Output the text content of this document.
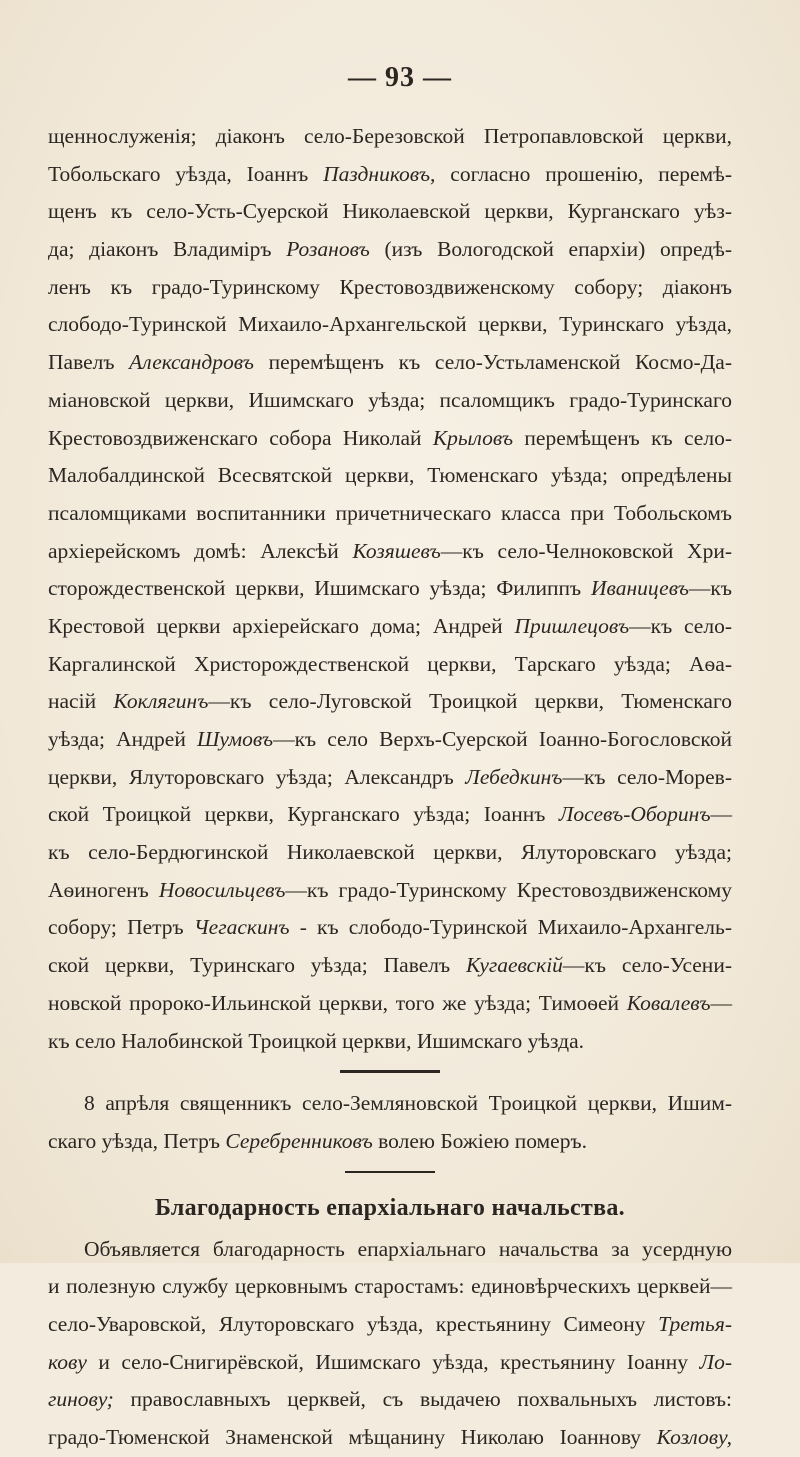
— 93 —
щеннослуженія; діаконъ село-Березовской Петропавловской церкви,
Тобольскаго уѣзда, Іоаннъ Паздниковъ, согласно прошенію, перемѣ-
щенъ къ село-Усть-Суерской Николаевской церкви, Курганскаго уѣз-
да; діаконъ Владиміръ Розановъ (изъ Вологодской епархіи) опредѣ-
ленъ къ градо-Туринскому Крестовоздвиженскому собору; діаконъ
слободо-Туринской Михаило-Архангельской церкви, Туринскаго уѣзда,
Павелъ Александровъ перемѣщенъ къ село-Устьламенской Космо-Да-
міановской церкви, Ишимскаго уѣзда; псаломщикъ градо-Туринскаго
Крестовоздвиженскаго собора Николай Крыловъ перемѣщенъ къ село-
Малобалдинской Всесвятской церкви, Тюменскаго уѣзда; опредѣлены
псаломщиками воспитанники причетническаго класса при Тобольскомъ
архіерейскомъ домѣ: Алексѣй Козяшевъ—къ село-Челноковской Хри-
сторождественской церкви, Ишимскаго уѣзда; Филиппъ Иваницевъ—къ
Крестовой церкви архіерейскаго дома; Андрей Пришлецовъ—къ село-
Каргалинской Христорождественской церкви, Тарскаго уѣзда; Аѳа-
насій Коклягинъ—къ село-Луговской Троицкой церкви, Тюменскаго
уѣзда; Андрей Шумовъ—къ село Верхъ-Суерской Іоанно-Богословской
церкви, Ялуторовскаго уѣзда; Александръ Лебедкинъ—къ село-Морев-
ской Троицкой церкви, Курганскаго уѣзда; Іоаннъ Лосевъ-Оборинъ—
къ село-Бердюгинской Николаевской церкви, Ялуторовскаго уѣзда;
Аѳиногенъ Новосильцевъ—къ градо-Туринскому Крестовоздвиженскому
собору; Петръ Чегаскинъ - къ слободо-Туринской Михаило-Архангель-
ской церкви, Туринскаго уѣзда; Павелъ Кугаевскій—къ село-Усени-
новской пророко-Ильинской церкви, того же уѣзда; Тимоѳей Ковалевъ—
къ село Налобинской Троицкой церкви, Ишимскаго уѣзда.
8 апрѣля священникъ село-Земляновской Троицкой церкви, Ишим-
скаго уѣзда, Петръ Серебренниковъ волею Божіею померъ.
Благодарность епархіальнаго начальства.
Объявляется благодарность епархіальнаго начальства за усердную
и полезную службу церковнымъ старостамъ: единовѣрческихъ церквей—
село-Уваровской, Ялуторовскаго уѣзда, крестьянину Симеону Третья-
кову и село-Снигирёвской, Ишимскаго уѣзда, крестьянину Іоанну Ло-
гинову; православныхъ церквей, съ выдачею похвальныхъ листовъ:
градо-Тюменской Знаменской мѣщанину Николаю Іоаннову Козлову,
